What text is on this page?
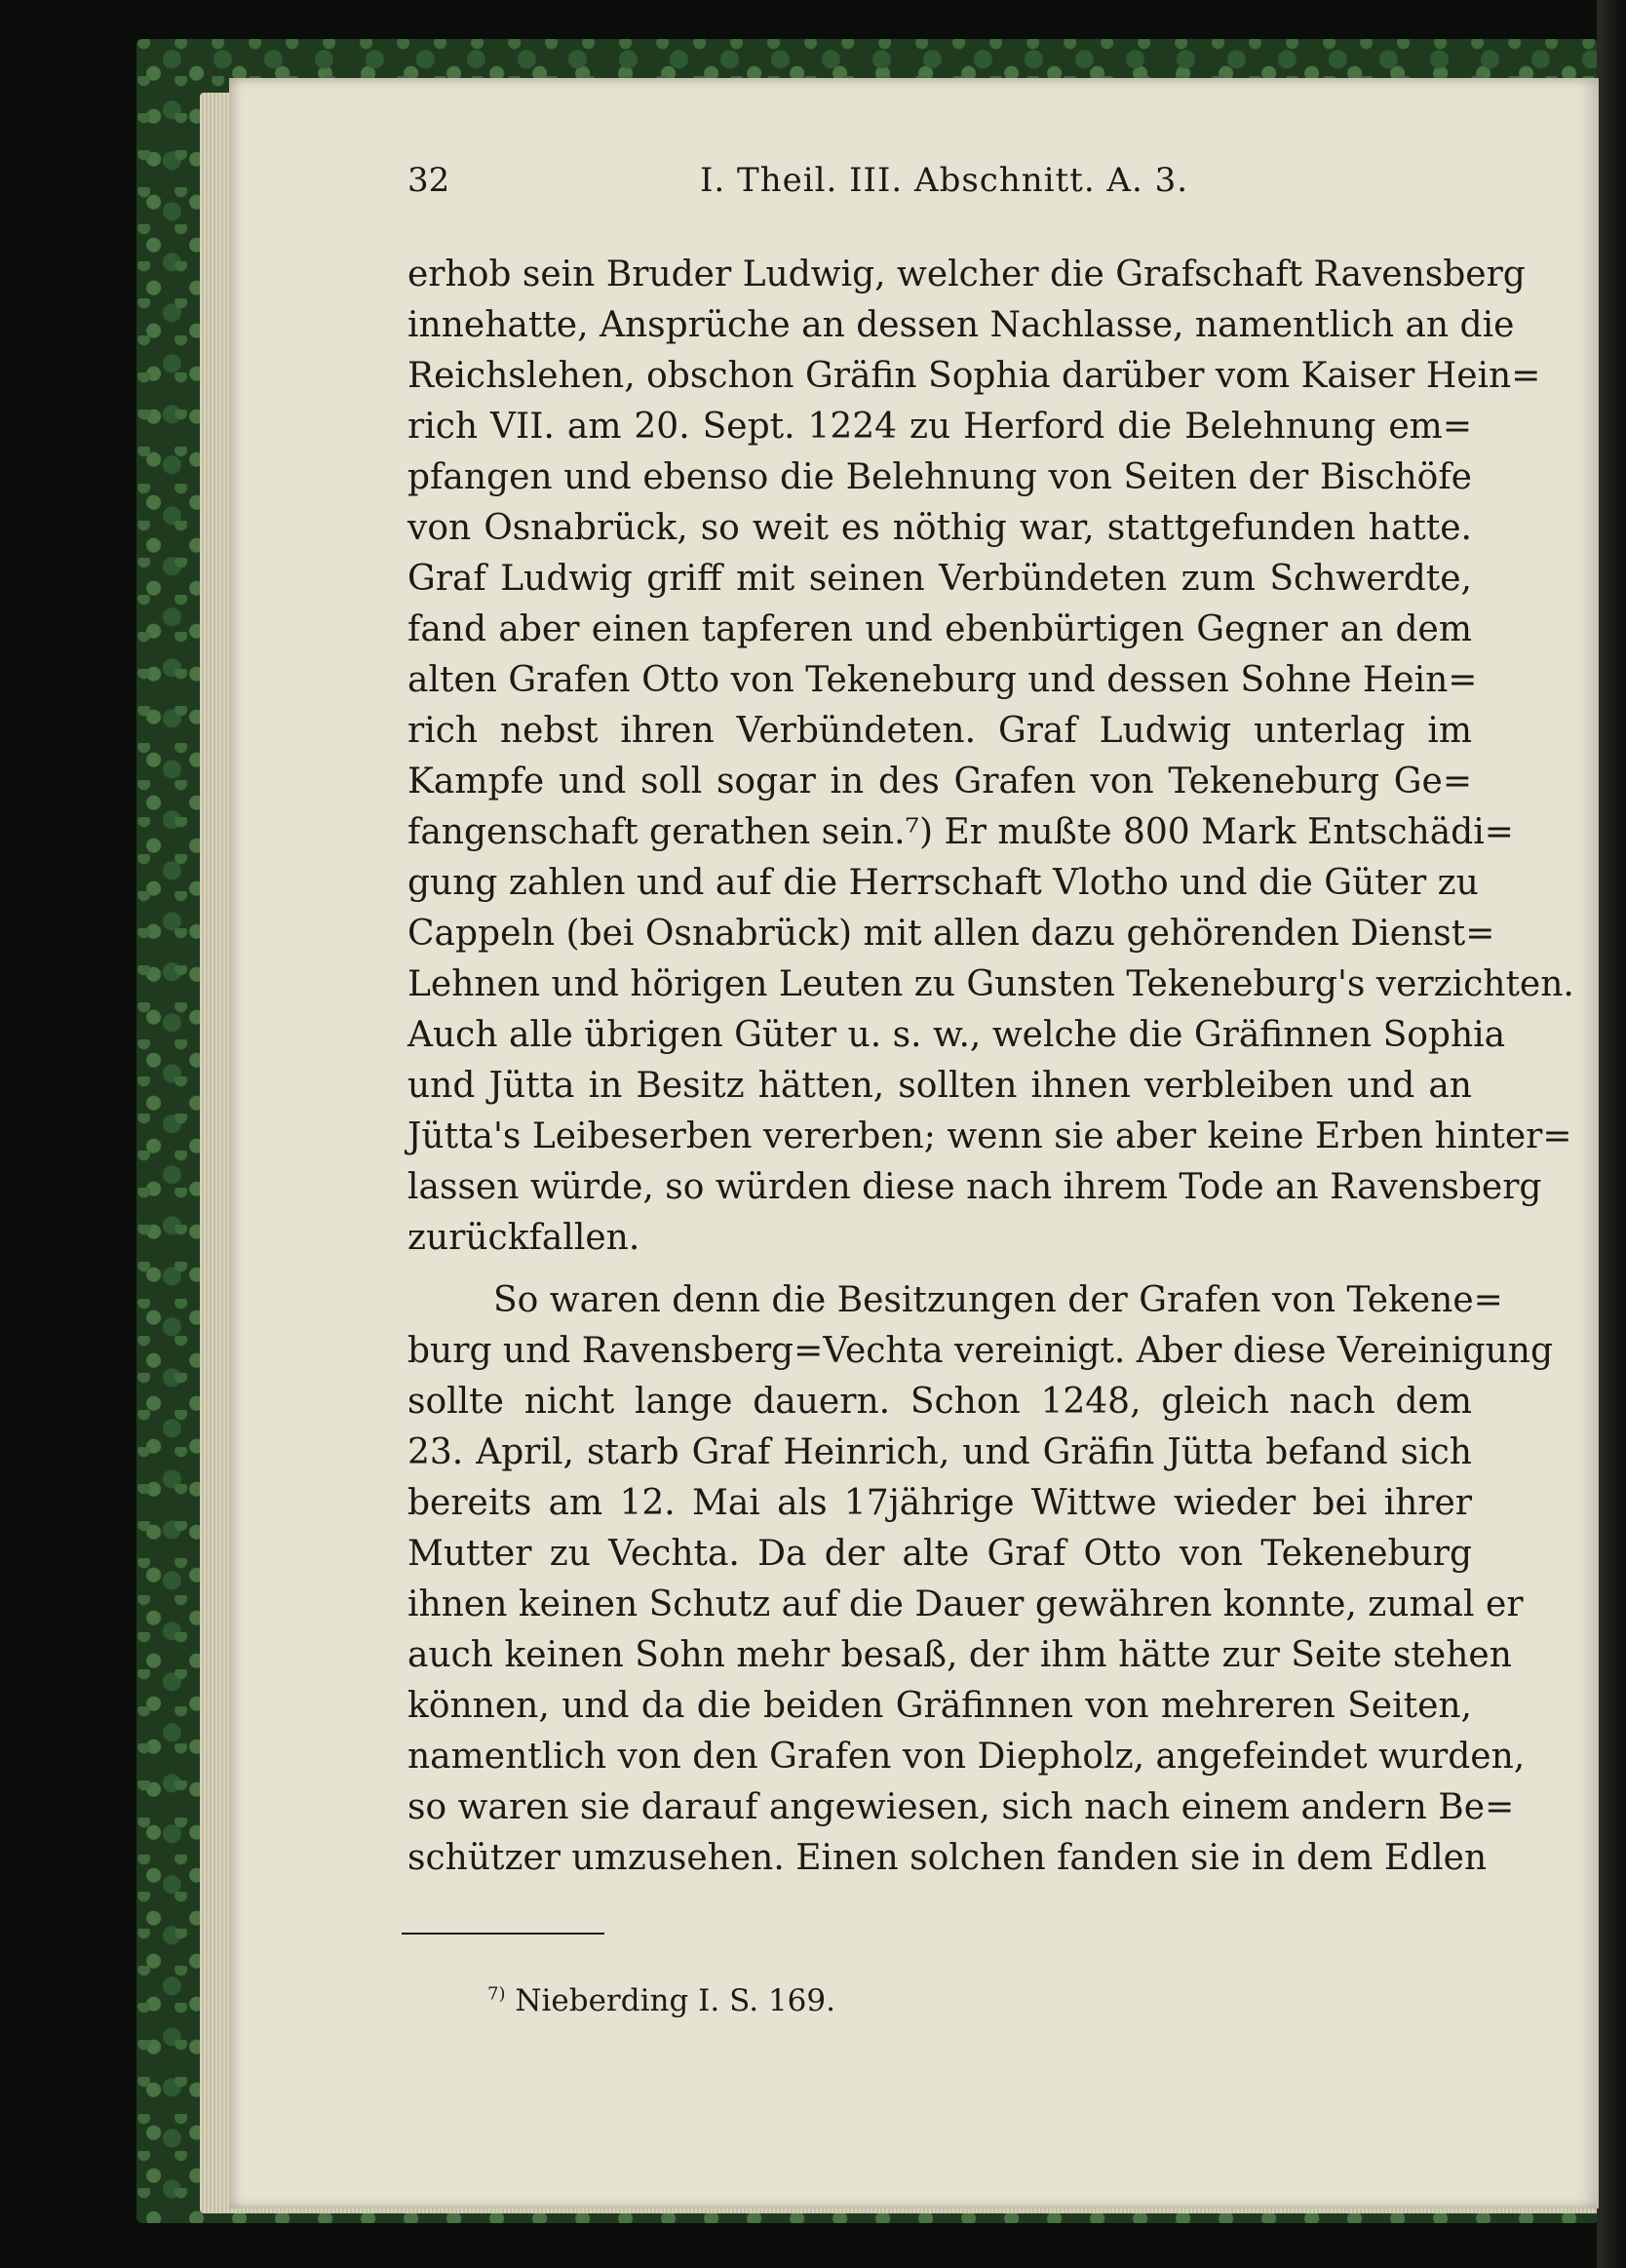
32	I. Theil. III. Abschnitt. A. 3.
erhob sein Bruder Ludwig, welcher die Grafschaft Ravensberg
innehatte, Ansprüche an dessen Nachlasse, namentlich an die
Reichslehen, obschon Gräfin Sophia darüber vom Kaiser Hein=
rich VII. am 20. Sept. 1224 zu Herford die Belehnung em=
pfangen und ebenso die Belehnung von Seiten der Bischöfe
von Osnabrück, so weit es nöthig war, stattgefunden hatte.
Graf Ludwig griff mit seinen Verbündeten zum Schwerdte,
fand aber einen tapferen und ebenbürtigen Gegner an dem
alten Grafen Otto von Tekeneburg und dessen Sohne Hein=
rich nebst ihren Verbündeten. Graf Ludwig unterlag im
Kampfe und soll sogar in des Grafen von Tekeneburg Ge=
fangenschaft gerathen sein.⁷) Er mußte 800 Mark Entschädi=
gung zahlen und auf die Herrschaft Vlotho und die Güter zu
Cappeln (bei Osnabrück) mit allen dazu gehörenden Dienst=
Lehnen und hörigen Leuten zu Gunsten Tekeneburg's verzichten.
Auch alle übrigen Güter u. s. w., welche die Gräfinnen Sophia
und Jütta in Besitz hätten, sollten ihnen verbleiben und an
Jütta's Leibeserben vererben; wenn sie aber keine Erben hinter=
lassen würde, so würden diese nach ihrem Tode an Ravensberg
zurückfallen.
So waren denn die Besitzungen der Grafen von Tekene=
burg und Ravensberg=Vechta vereinigt. Aber diese Vereinigung
sollte nicht lange dauern. Schon 1248, gleich nach dem
23. April, starb Graf Heinrich, und Gräfin Jütta befand sich
bereits am 12. Mai als 17jährige Wittwe wieder bei ihrer
Mutter zu Vechta. Da der alte Graf Otto von Tekeneburg
ihnen keinen Schutz auf die Dauer gewähren konnte, zumal er
auch keinen Sohn mehr besaß, der ihm hätte zur Seite stehen
können, und da die beiden Gräfinnen von mehreren Seiten,
namentlich von den Grafen von Diepholz, angefeindet wurden,
so waren sie darauf angewiesen, sich nach einem andern Be=
schützer umzusehen. Einen solchen fanden sie in dem Edlen
$^{7)}$ Nieberding I. S. 169.
